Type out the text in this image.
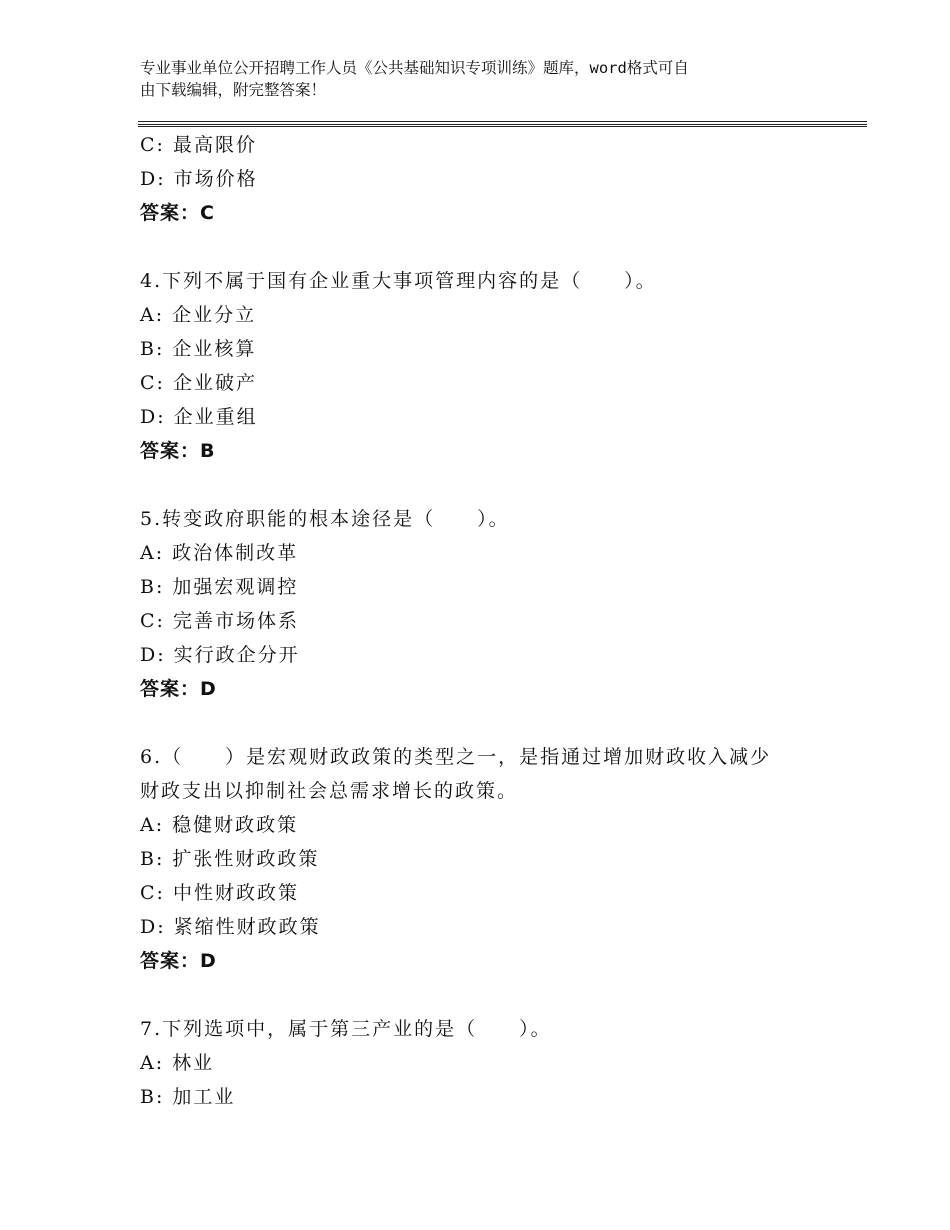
专业事业单位公开招聘工作人员《公共基础知识专项训练》题库，word格式可自
由下载编辑，附完整答案！
C: 最高限价
D: 市场价格
答案：C
4.下列不属于国有企业重大事项管理内容的是（　　）。
A: 企业分立
B: 企业核算
C: 企业破产
D: 企业重组
答案：B
5.转变政府职能的根本途径是（　　）。
A: 政治体制改革
B: 加强宏观调控
C: 完善市场体系
D: 实行政企分开
答案：D
6.（　　）是宏观财政政策的类型之一，是指通过增加财政收入减少
财政支出以抑制社会总需求增长的政策。
A: 稳健财政政策
B: 扩张性财政政策
C: 中性财政政策
D: 紧缩性财政政策
答案：D
7.下列选项中，属于第三产业的是（　　）。
A: 林业
B: 加工业
